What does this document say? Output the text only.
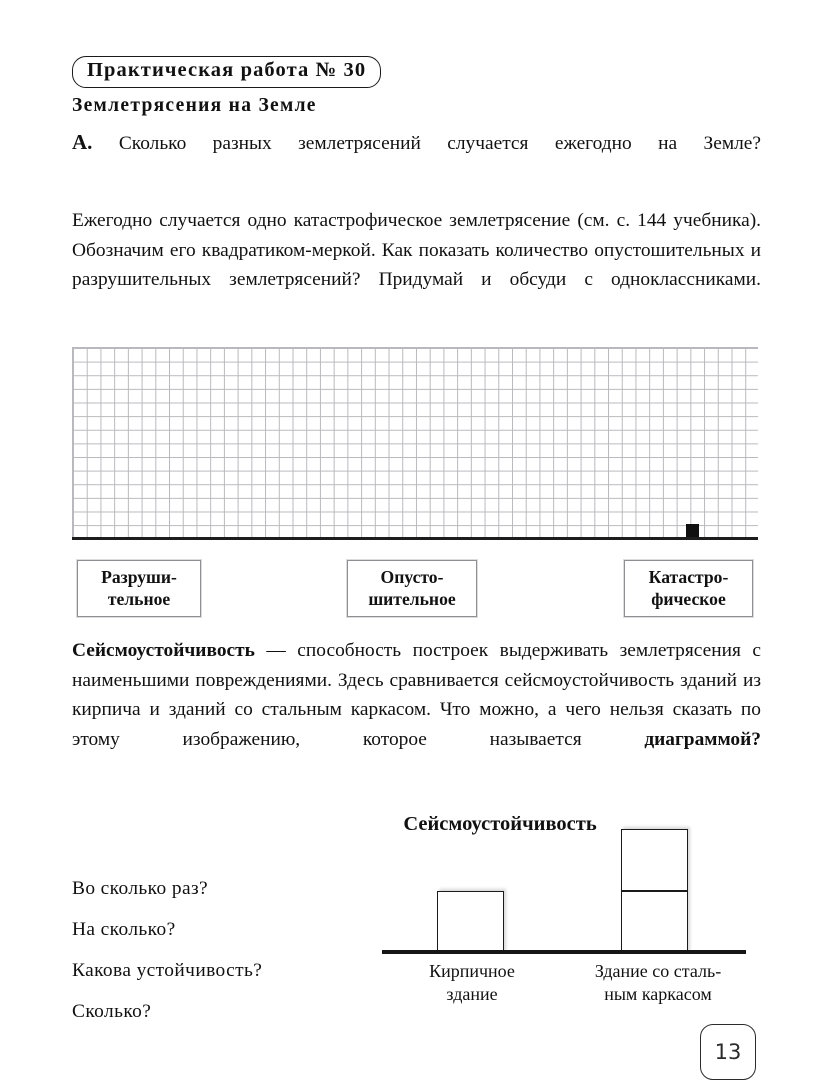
Практическая работа № 30
Землетрясения на Земле
А. Сколько разных землетрясений случается ежегодно на Земле?
Ежегодно случается одно катастрофическое землетрясение (см. с. 144 учебника). Обозначим его квадратиком-меркой. Как показать количество опустошительных и разрушительных землетрясений? Придумай и обсуди с одноклассниками.
Разруши-
тельное
Опусто-
шительное
Катастро-
фическое
Сейсмоустойчивость — способность построек выдерживать землетрясения с наименьшими повреждениями. Здесь сравнивается сейсмоустойчивость зданий из кирпича и зданий со стальным каркасом. Что можно, а чего нельзя сказать по этому изображению, которое называется диаграммой?
Во сколько раз?
На сколько?
Какова устойчивость?
Сколько?
Сейсмоустойчивость
Кирпичное
здание
Здание со сталь-
ным каркасом
13
